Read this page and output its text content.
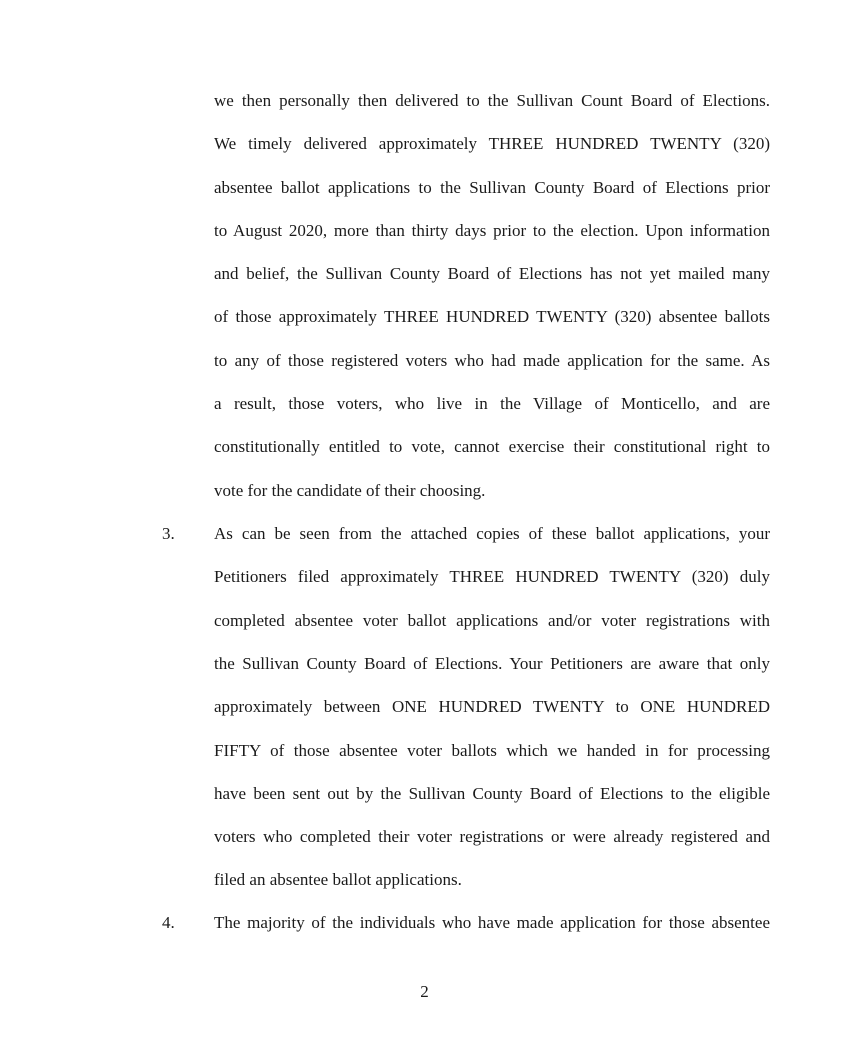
we then personally then delivered to the Sullivan Count Board of Elections.
We timely delivered approximately THREE HUNDRED TWENTY (320)
absentee ballot applications to the Sullivan County Board of Elections prior
to August 2020, more than thirty days prior to the election. Upon information
and belief, the Sullivan County Board of Elections has not yet mailed many
of those approximately THREE HUNDRED TWENTY (320) absentee ballots
to any of those registered voters who had made application for the same. As
a result, those voters, who live in the Village of Monticello, and are
constitutionally entitled to vote, cannot exercise their constitutional right to
vote for the candidate of their choosing.
3. As can be seen from the attached copies of these ballot applications, your
Petitioners filed approximately THREE HUNDRED TWENTY (320) duly
completed absentee voter ballot applications and/or voter registrations with
the Sullivan County Board of Elections. Your Petitioners are aware that only
approximately between ONE HUNDRED TWENTY to ONE HUNDRED
FIFTY of those absentee voter ballots which we handed in for processing
have been sent out by the Sullivan County Board of Elections to the eligible
voters who completed their voter registrations or were already registered and
filed an absentee ballot applications.
4. The majority of the individuals who have made application for those absentee
2
